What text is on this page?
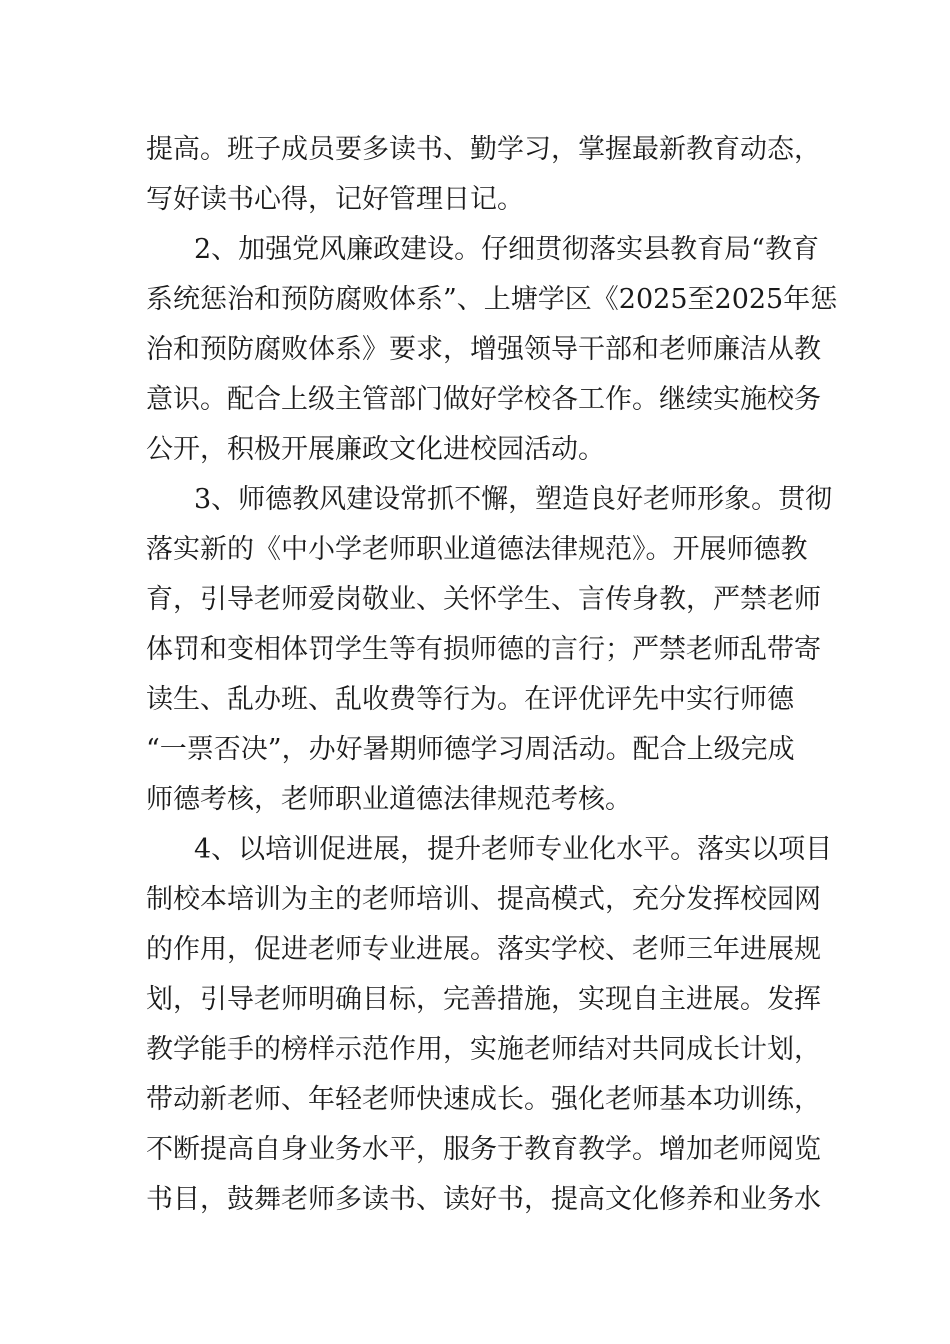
提高。班子成员要多读书、勤学习，掌握最新教育动态，
写好读书心得，记好管理日记。
2、加强党风廉政建设。仔细贯彻落实县教育局“教育
系统惩治和预防腐败体系”、上塘学区《2025至2025年惩
治和预防腐败体系》要求，增强领导干部和老师廉洁从教
意识。配合上级主管部门做好学校各工作。继续实施校务
公开，积极开展廉政文化进校园活动。
3、师德教风建设常抓不懈，塑造良好老师形象。贯彻
落实新的《中小学老师职业道德法律规范》。开展师德教
育，引导老师爱岗敬业、关怀学生、言传身教，严禁老师
体罚和变相体罚学生等有损师德的言行；严禁老师乱带寄
读生、乱办班、乱收费等行为。在评优评先中实行师德
“一票否决”，办好暑期师德学习周活动。配合上级完成
师德考核，老师职业道德法律规范考核。
4、以培训促进展，提升老师专业化水平。落实以项目
制校本培训为主的老师培训、提高模式，充分发挥校园网
的作用，促进老师专业进展。落实学校、老师三年进展规
划，引导老师明确目标，完善措施，实现自主进展。发挥
教学能手的榜样示范作用，实施老师结对共同成长计划，
带动新老师、年轻老师快速成长。强化老师基本功训练，
不断提高自身业务水平，服务于教育教学。增加老师阅览
书目，鼓舞老师多读书、读好书，提高文化修养和业务水
